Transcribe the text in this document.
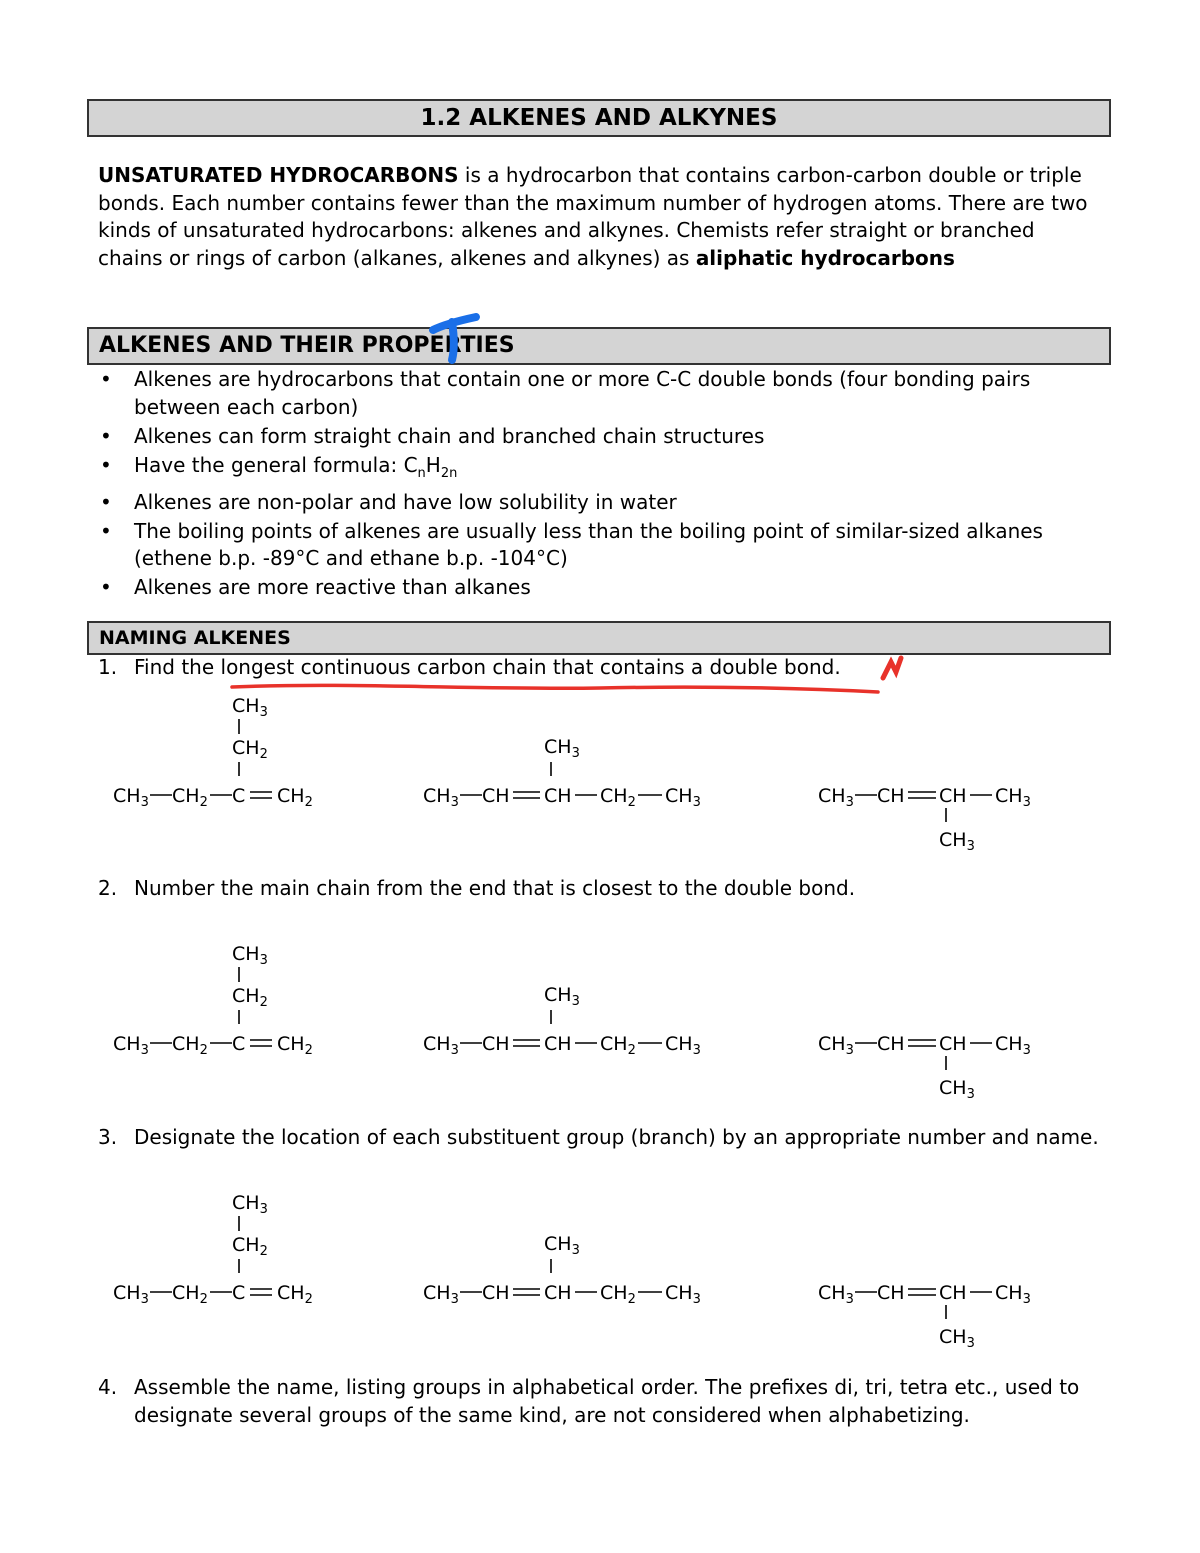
1.2 ALKENES AND ALKYNES

UNSATURATED HYDROCARBONS is a hydrocarbon that contains carbon-carbon double or triple bonds. Each number contains fewer than the maximum number of hydrogen atoms. There are two kinds of unsaturated hydrocarbons: alkenes and alkynes. Chemists refer straight or branched chains or rings of carbon (alkanes, alkenes and alkynes) as aliphatic hydrocarbons

ALKENES AND THEIR PROPERTIES
• Alkenes are hydrocarbons that contain one or more C-C double bonds (four bonding pairs between each carbon)
• Alkenes can form straight chain and branched chain structures
• Have the general formula: $C_nH_{2n}$
• Alkenes are non-polar and have low solubility in water
• The boiling points of alkenes are usually less than the boiling point of similar-sized alkanes (ethene b.p. -89°C and ethane b.p. -104°C)
• Alkenes are more reactive than alkanes
NAMING ALKENES
1. Find the longest continuous carbon chain that contains a double bond.
2. Number the main chain from the end that is closest to the double bond.
3. Designate the location of each substituent group (branch) by an appropriate number and name.
4. Assemble the name, listing groups in alphabetical order. The prefixes di, tri, tetra etc., used to designate several groups of the same kind, are not considered when alphabetizing.
$CH_3$
$CH_2$
$CH_3$ $CH_2$ C $CH_2$
$CH_3$
$CH_3$ CH CH $CH_2$ $CH_3$	$CH_3$ CH CH $CH_3$
$CH_3$
$CH_3$
$CH_2$
$CH_3$ $CH_2$ C $CH_2$
$CH_3$
$CH_3$ CH CH $CH_2$ $CH_3$	$CH_3$ CH CH $CH_3$
$CH_3$
$CH_3$
$CH_2$
$CH_3$ $CH_2$ C $CH_2$
$CH_3$
$CH_3$ CH CH $CH_2$ $CH_3$	$CH_3$ CH CH $CH_3$
$CH_3$
